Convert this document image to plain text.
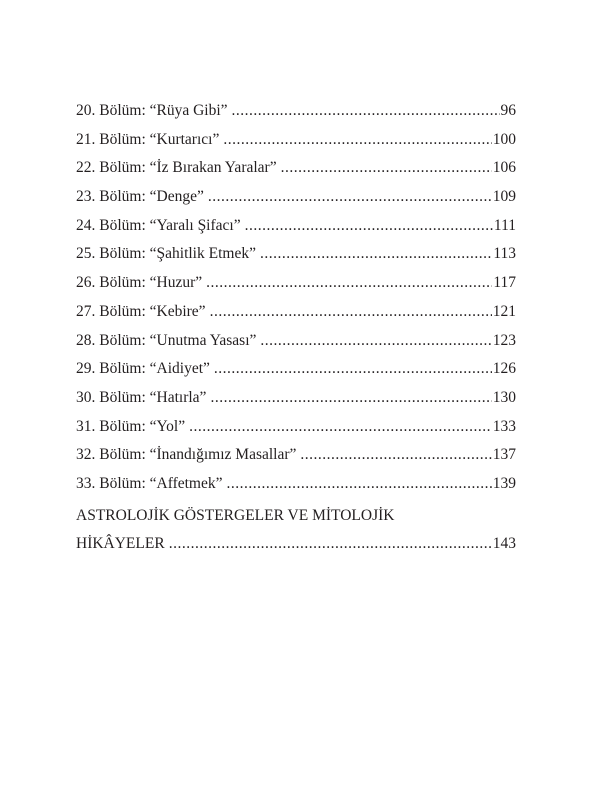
20. Bölüm: “Rüya Gibi” .....	96
21. Bölüm: “Kurtarıcı” .....	100
22. Bölüm: “İz Bırakan Yaralar” .....	106
23. Bölüm: “Denge” .....	109
24. Bölüm: “Yaralı Şifacı” .....	111
25. Bölüm: “Şahitlik Etmek” .....	113
26. Bölüm: “Huzur” .....	117
27. Bölüm: “Kebire” .....	121
28. Bölüm: “Unutma Yasası” .....	123
29. Bölüm: “Aidiyet” .....	126
30. Bölüm: “Hatırla” .....	130
31. Bölüm: “Yol” .....	133
32. Bölüm: “İnandığımız Masallar” .....	137
33. Bölüm: “Affetmek” .....	139
ASTROLOJİK GÖSTERGELER VE MİTOLOJİK
HİKÂYELER .....	143
